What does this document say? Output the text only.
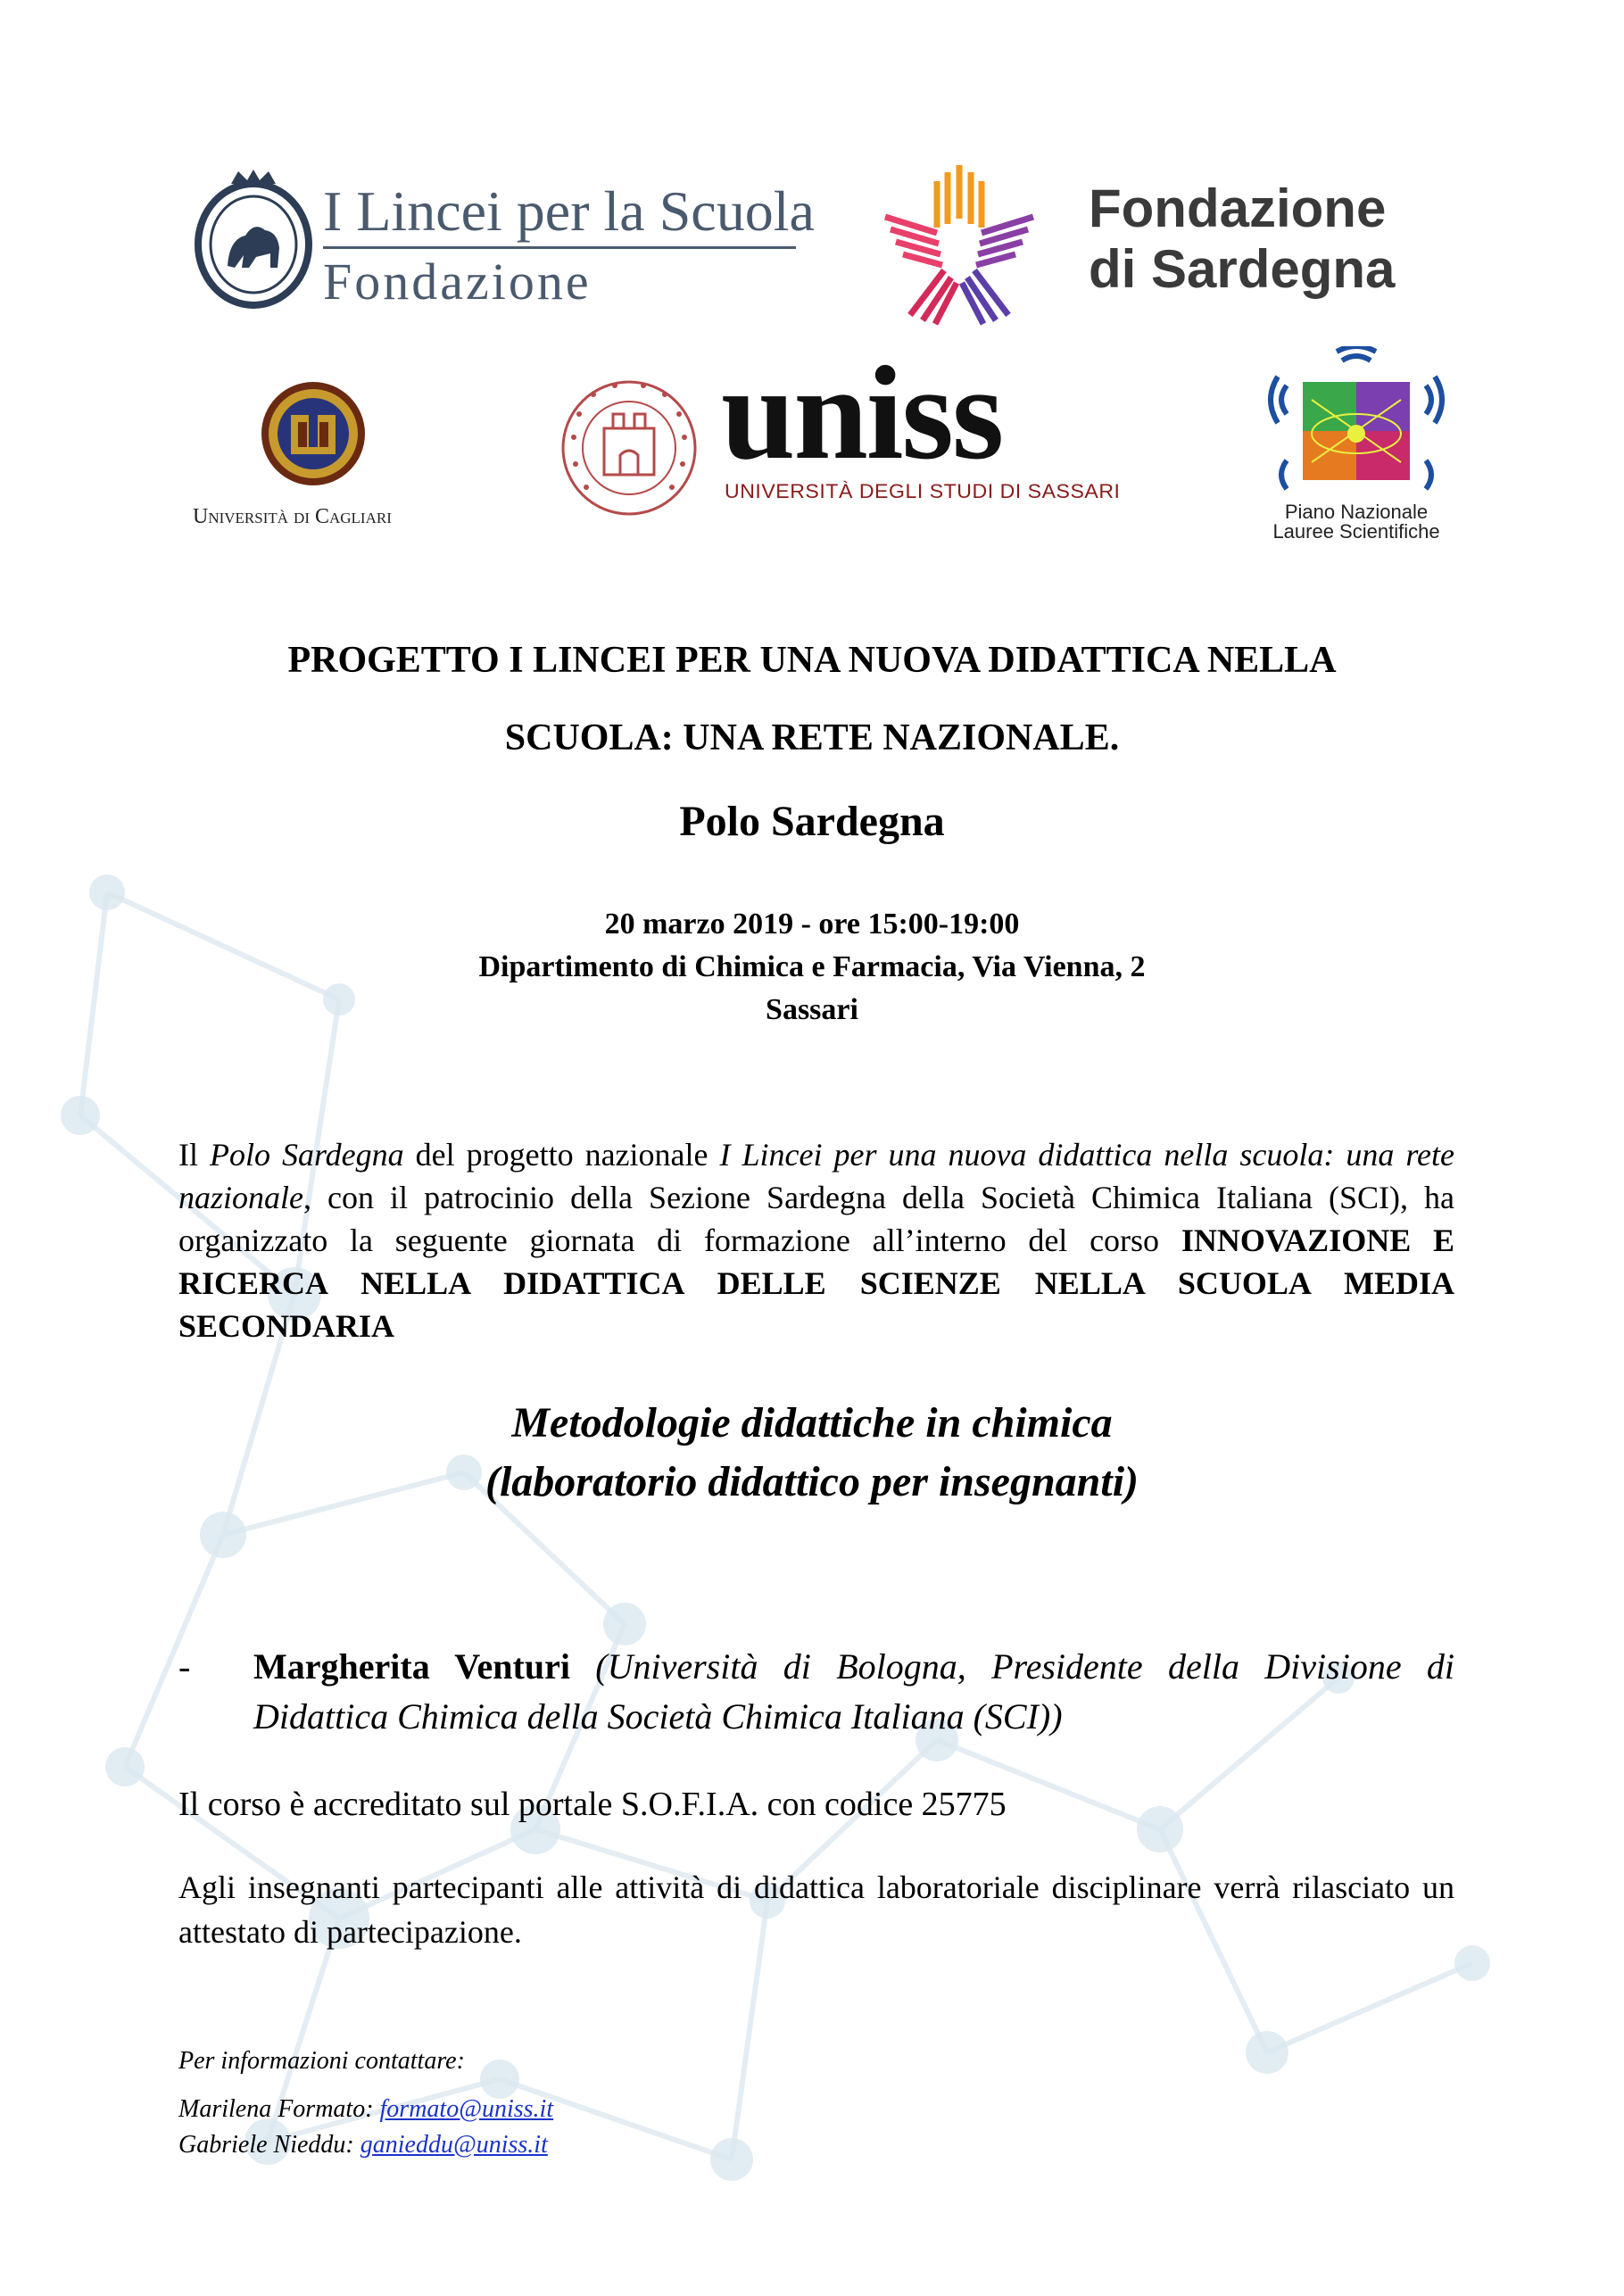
I Lincei per la Scuola
Fondazione
Fondazione
di Sardegna
Università di Cagliari
uniss
UNIVERSITÀ DEGLI STUDI DI SASSARI
Piano Nazionale
Lauree Scientifiche
PROGETTO I LINCEI PER UNA NUOVA DIDATTICA NELLA
SCUOLA: UNA RETE NAZIONALE.
Polo Sardegna
20 marzo 2019 - ore 15:00-19:00
Dipartimento di Chimica e Farmacia, Via Vienna, 2
Sassari
Il Polo Sardegna del progetto nazionale I Lincei per una nuova didattica nella scuola: una rete nazionale, con il patrocinio della Sezione Sardegna della Società Chimica Italiana (SCI), ha organizzato la seguente giornata di formazione all’interno del corso INNOVAZIONE E RICERCA NELLA DIDATTICA DELLE SCIENZE NELLA SCUOLA MEDIA SECONDARIA
Metodologie didattiche in chimica
(laboratorio didattico per insegnanti)
- Margherita Venturi (Università di Bologna, Presidente della Divisione di Didattica Chimica della Società Chimica Italiana (SCI))
Il corso è accreditato sul portale S.O.F.I.A. con codice 25775
Agli insegnanti partecipanti alle attività di didattica laboratoriale disciplinare verrà rilasciato un attestato di partecipazione.
Per informazioni contattare:
Marilena Formato: formato@uniss.it
Gabriele Nieddu: ganieddu@uniss.it
